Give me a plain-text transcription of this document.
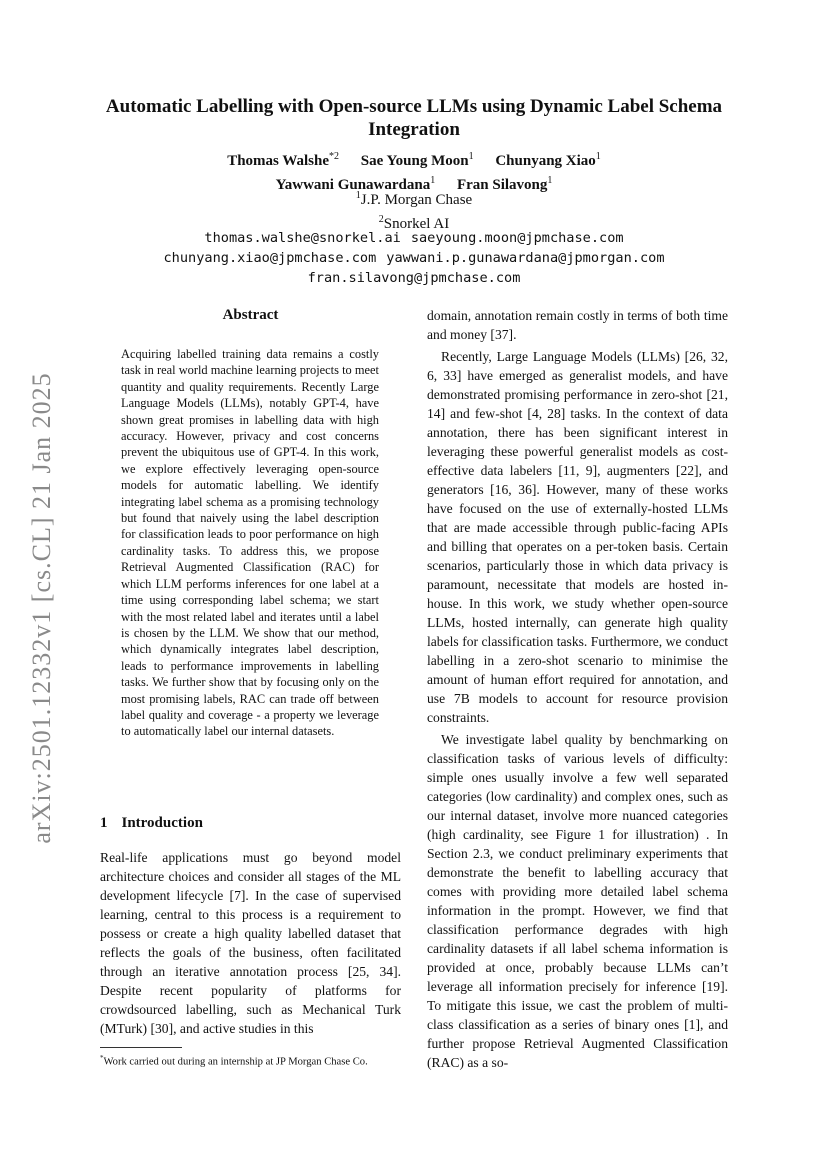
arXiv:2501.12332v1 [cs.CL] 21 Jan 2025
Automatic Labelling with Open-source LLMs using Dynamic Label Schema Integration
Thomas Walshe$^{*2}$ Sae Young Moon$^1$ Chunyang Xiao$^1$
Yawwani Gunawardana$^1$ Fran Silavong$^1$
$^1$J.P. Morgan Chase
$^2$Snorkel AI
thomas.walshe@snorkel.ai saeyoung.moon@jpmchase.com
chunyang.xiao@jpmchase.com yawwani.p.gunawardana@jpmorgan.com
fran.silavong@jpmchase.com
Abstract
Acquiring labelled training data remains a costly task in real world machine learning projects to meet quantity and quality requirements. Recently Large Language Models (LLMs), notably GPT-4, have shown great promises in labelling data with high accuracy. However, privacy and cost concerns prevent the ubiquitous use of GPT-4. In this work, we explore effectively leveraging open-source models for automatic labelling. We identify integrating label schema as a promising technology but found that naively using the label description for classification leads to poor performance on high cardinality tasks. To address this, we propose Retrieval Augmented Classification (RAC) for which LLM performs inferences for one label at a time using corresponding label schema; we start with the most related label and iterates until a label is chosen by the LLM. We show that our method, which dynamically integrates label description, leads to performance improvements in labelling tasks. We further show that by focusing only on the most promising labels, RAC can trade off between label quality and coverage - a property we leverage to automatically label our internal datasets.
1 Introduction

Real-life applications must go beyond model architecture choices and consider all stages of the ML development lifecycle [7]. In the case of supervised learning, central to this process is a requirement to possess or create a high quality labelled dataset that reflects the goals of the business, often facilitated through an iterative annotation process [25, 34]. Despite recent popularity of platforms for crowdsourced labelling, such as Mechanical Turk (MTurk) [30], and active studies in this

*Work carried out during an internship at JP Morgan Chase Co.

domain, annotation remain costly in terms of both time and money [37].

Recently, Large Language Models (LLMs) [26, 32, 6, 33] have emerged as generalist models, and have demonstrated promising performance in zero-shot [21, 14] and few-shot [4, 28] tasks. In the context of data annotation, there has been significant interest in leveraging these powerful generalist models as cost-effective data labelers [11, 9], augmenters [22], and generators [16, 36]. However, many of these works have focused on the use of externally-hosted LLMs that are made accessible through public-facing APIs and billing that operates on a per-token basis. Certain scenarios, particularly those in which data privacy is paramount, necessitate that models are hosted in-house. In this work, we study whether open-source LLMs, hosted internally, can generate high quality labels for classification tasks. Furthermore, we conduct labelling in a zero-shot scenario to minimise the amount of human effort required for annotation, and use 7B models to account for resource provision constraints.

We investigate label quality by benchmarking on classification tasks of various levels of difficulty: simple ones usually involve a few well separated categories (low cardinality) and complex ones, such as our internal dataset, involve more nuanced categories (high cardinality, see Figure 1 for illustration) . In Section 2.3, we conduct preliminary experiments that demonstrate the benefit to labelling accuracy that comes with providing more detailed label schema information in the prompt. However, we find that classification performance degrades with high cardinality datasets if all label schema information is provided at once, probably because LLMs can’t leverage all information precisely for inference [19]. To mitigate this issue, we cast the problem of multi-class classification as a series of binary ones [1], and further propose Retrieval Augmented Classification (RAC) as a so-
